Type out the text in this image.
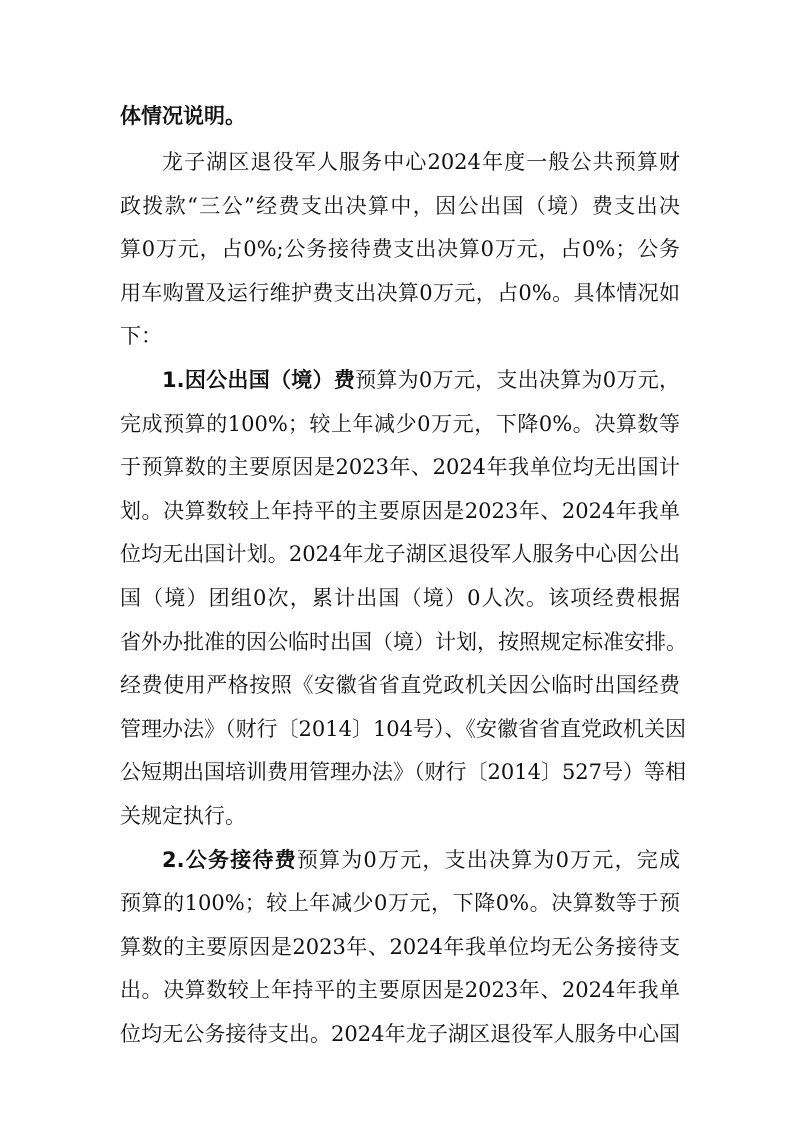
体情况说明。
龙子湖区退役军人服务中心2024年度一般公共预算财
政拨款“三公”经费支出决算中，因公出国（境）费支出决
算0万元，占0%;公务接待费支出决算0万元，占0%；公务
用车购置及运行维护费支出决算0万元，占0%。具体情况如
下：
1.因公出国（境）费预算为0万元，支出决算为0万元，
完成预算的100%；较上年减少0万元，下降0%。决算数等
于预算数的主要原因是2023年、2024年我单位均无出国计
划。决算数较上年持平的主要原因是2023年、2024年我单
位均无出国计划。2024年龙子湖区退役军人服务中心因公出
国（境）团组0次，累计出国（境）0人次。该项经费根据
省外办批准的因公临时出国（境）计划，按照规定标准安排。
经费使用严格按照《安徽省省直党政机关因公临时出国经费
管理办法》（财行〔2014〕104号）、《安徽省省直党政机关因
公短期出国培训费用管理办法》（财行〔2014〕527号）等相
关规定执行。
2.公务接待费预算为0万元，支出决算为0万元，完成
预算的100%；较上年减少0万元，下降0%。决算数等于预
算数的主要原因是2023年、2024年我单位均无公务接待支
出。决算数较上年持平的主要原因是2023年、2024年我单
位均无公务接待支出。2024年龙子湖区退役军人服务中心国
